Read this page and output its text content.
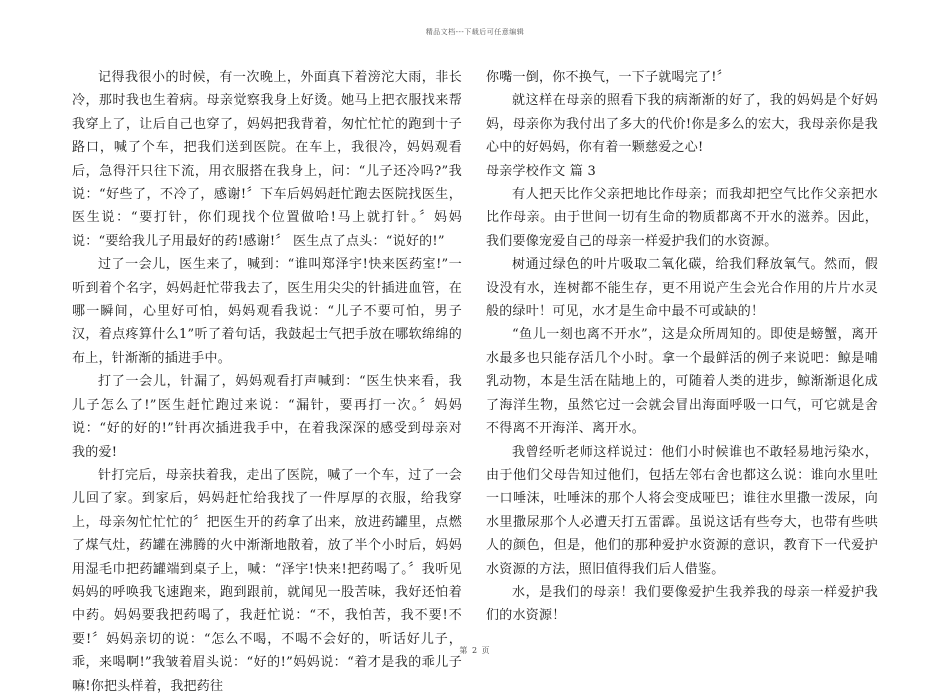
精品文档---下载后可任意编辑

记得我很小的时候，有一次晚上，外面真下着滂沱大雨，非长冷，那时我也生着病。母亲觉察我身上好烫。她马上把衣服找来帮我穿上了，让后自己也穿了，妈妈把我背着，匆忙忙忙的跑到十子路口，喊了个车，把我们送到医院。在车上，我很冷，妈妈观看后，急得汗只往下流，用衣服搭在我身上，问：“儿子还冷吗?”我说：“好些了，不冷了，感谢!〞下车后妈妈赶忙跑去医院找医生，医生说：“要打针，你们现找个位置做哈!马上就打针。〞妈妈说：“要给我儿子用最好的药!感谢!〞 医生点了点头：“说好的!”

过了一会儿，医生来了，喊到：“谁叫郑泽宇!快来医药室!”一听到着个名字，妈妈赶忙带我去了，医生用尖尖的针插进血管，在哪一瞬间，心里好可怕，妈妈观看我说：“儿子不要可怕，男子汉，着点疼算什么1”听了着句话，我鼓起士气把手放在哪软绵绵的布上，针渐渐的插进手中。

打了一会儿，针漏了，妈妈观看打声喊到：“医生快来看，我儿子怎么了!”医生赶忙跑过来说：“漏针，要再打一次。〞妈妈说：“好的好的!”针再次插进我手中，在着我深深的感受到母亲对我的爱!

针打完后，母亲扶着我，走出了医院，喊了一个车，过了一会儿回了家。到家后，妈妈赶忙给我找了一件厚厚的衣服，给我穿上，母亲匆忙忙忙的〞把医生开的药拿了出来，放进药罐里，点燃了煤气灶，药罐在沸腾的火中渐渐地散着，放了半个小时后，妈妈用湿毛巾把药罐端到桌子上，喊：“泽宇!快来!把药喝了。〞我听见妈妈的呼唤我飞速跑来，跑到跟前，就闻见一股苦味，我好还怕着中药。妈妈要我把药喝了，我赶忙说：“不，我怕苦，我不要!不要!〞妈妈亲切的说：“怎么不喝，不喝不会好的，听话好儿子，乖，来喝啊!”我皱着眉头说：“好的!”妈妈说：“着才是我的乖儿子嘛!你把头样着，我把药往

你嘴一倒，你不换气，一下子就喝完了!〞

就这样在母亲的照看下我的病渐渐的好了，我的妈妈是个好妈妈，母亲你为我付出了多大的代价!你是多么的宏大，我母亲你是我心中的好妈妈，你有着一颗慈爱之心!

母亲学校作文 篇 3

有人把天比作父亲把地比作母亲；而我却把空气比作父亲把水比作母亲。由于世间一切有生命的物质都离不开水的滋养。因此，我们要像宠爱自己的母亲一样爱护我们的水资源。

树通过绿色的叶片吸取二氧化碳，给我们释放氧气。然而，假设没有水，连树都不能生存，更不用说产生会光合作用的片片水灵般的绿叶！可见，水才是生命中最不可或缺的！

“鱼儿一刻也离不开水”，这是众所周知的。即使是螃蟹，离开水最多也只能存活几个小时。拿一个最鲜活的例子来说吧：鲸是哺乳动物，本是生活在陆地上的，可随着人类的进步，鲸渐渐退化成了海洋生物，虽然它过一会就会冒出海面呼吸一口气，可它就是舍不得离不开海洋、离开水。

我曾经听老师这样说过：他们小时候谁也不敢轻易地污染水，由于他们父母告知过他们，包括左邻右舍也都这么说：谁向水里吐一口唾沫，吐唾沫的那个人将会变成哑巴；谁往水里撒一泼尿，向水里撒尿那个人必遭天打五雷霹。虽说这话有些夸大，也带有些哄人的颜色，但是，他们的那种爱护水资源的意识，教育下一代爱护水资源的方法，照旧值得我们后人借鉴。

水，是我们的母亲！我们要像爱护生我养我的母亲一样爱护我们的水资源！

第 2 页
